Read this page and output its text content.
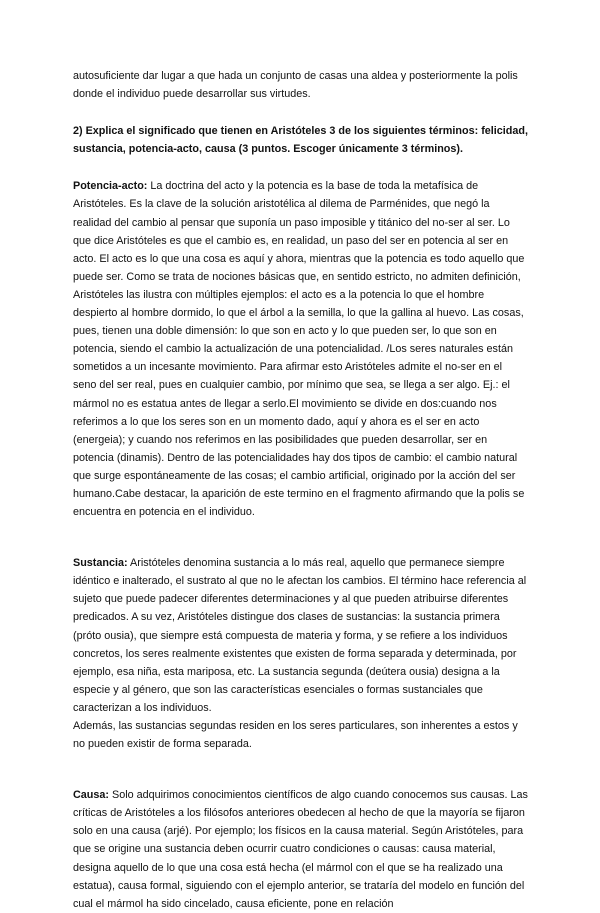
autosuficiente dar lugar a que hada un conjunto de casas una aldea y posteriormente la polis donde el individuo puede desarrollar sus virtudes.

2) Explica el significado que tienen en Aristóteles 3 de los siguientes términos: felicidad, sustancia, potencia-acto, causa (3 puntos. Escoger únicamente 3 términos).

Potencia-acto: La doctrina del acto y la potencia es la base de toda la metafísica de Aristóteles. Es la clave de la solución aristotélica al dilema de Parménides, que negó la realidad del cambio al pensar que suponía un paso imposible y titánico del no-ser al ser. Lo que dice Aristóteles es que el cambio es, en realidad, un paso del ser en potencia al ser en acto. El acto es lo que una cosa es aquí y ahora, mientras que la potencia es todo aquello que puede ser. Como se trata de nociones básicas que, en sentido estricto, no admiten definición, Aristóteles las ilustra con múltiples ejemplos: el acto es a la potencia lo que el hombre despierto al hombre dormido, lo que el árbol a la semilla, lo que la gallina al huevo. Las cosas, pues, tienen una doble dimensión: lo que son en acto y lo que pueden ser, lo que son en potencia, siendo el cambio la actualización de una potencialidad. /Los seres naturales están sometidos a un incesante movimiento. Para afirmar esto Aristóteles admite el no-ser en el seno del ser real, pues en cualquier cambio, por mínimo que sea, se llega a ser algo. Ej.: el mármol no es estatua antes de llegar a serlo.El movimiento se divide en dos:cuando nos referimos a lo que los seres son en un momento dado, aquí y ahora es el ser en acto (energeia); y cuando nos referimos en las posibilidades que pueden desarrollar, ser en potencia (dinamis). Dentro de las potencialidades hay dos tipos de cambio: el cambio natural que surge espontáneamente de las cosas; el cambio artificial, originado por la acción del ser humano.Cabe destacar, la aparición de este termino en el fragmento afirmando que la polis se encuentra en potencia en el individuo.

Sustancia: Aristóteles denomina sustancia a lo más real, aquello que permanece siempre idéntico e inalterado, el sustrato al que no le afectan los cambios. El término hace referencia al sujeto que puede padecer diferentes determinaciones y al que pueden atribuirse diferentes predicados. A su vez, Aristóteles distingue dos clases de sustancias: la sustancia primera (próto ousia), que siempre está compuesta de materia y forma, y se refiere a los individuos concretos, los seres realmente existentes que existen de forma separada y determinada, por ejemplo, esa niña, esta mariposa, etc. La sustancia segunda (deútera ousia) designa a la especie y al género, que son las características esenciales o formas sustanciales que caracterizan a los individuos.

Además, las sustancias segundas residen en los seres particulares, son inherentes a estos y no pueden existir de forma separada.

Causa: Solo adquirimos conocimientos científicos de algo cuando conocemos sus causas. Las críticas de Aristóteles a los filósofos anteriores obedecen al hecho de que la mayoría se fijaron solo en una causa (arjé). Por ejemplo; los físicos en la causa material. Según Aristóteles, para que se origine una sustancia deben ocurrir cuatro condiciones o causas: causa material, designa aquello de lo que una cosa está hecha (el mármol con el que se ha realizado una estatua), causa formal, siguiendo con el ejemplo anterior, se trataría del modelo en función del cual el mármol ha sido cincelado, causa eficiente, pone en relación
